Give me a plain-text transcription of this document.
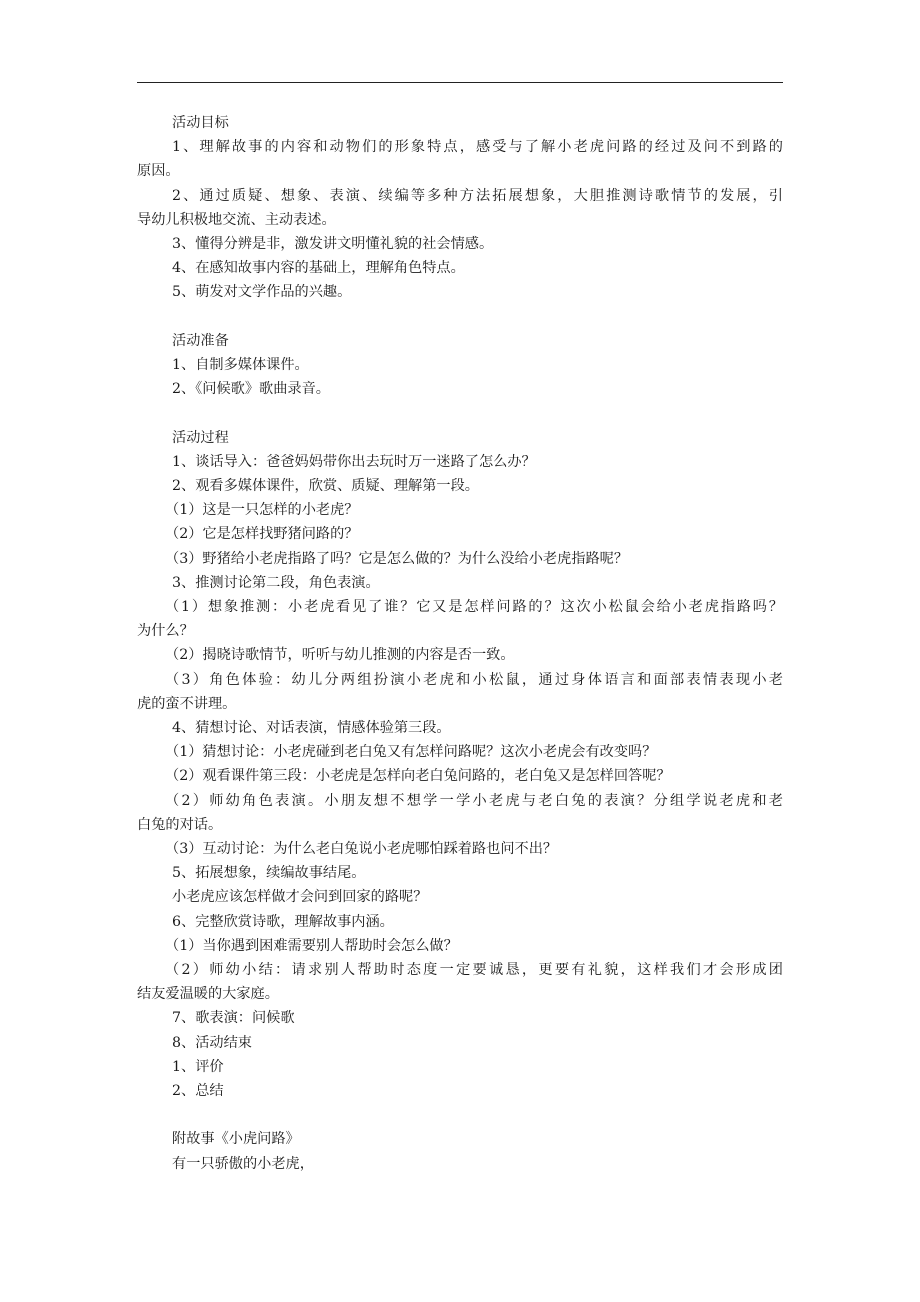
活动目标
1、理解故事的内容和动物们的形象特点，感受与了解小老虎问路的经过及问不到路的
原因。
2、通过质疑、想象、表演、续编等多种方法拓展想象，大胆推测诗歌情节的发展，引
导幼儿积极地交流、主动表述。
3、懂得分辨是非，激发讲文明懂礼貌的社会情感。
4、在感知故事内容的基础上，理解角色特点。
5、萌发对文学作品的兴趣。
活动准备
1、自制多媒体课件。
2、《问候歌》歌曲录音。
活动过程
1、谈话导入：爸爸妈妈带你出去玩时万一迷路了怎么办？
2、观看多媒体课件，欣赏、质疑、理解第一段。
（1）这是一只怎样的小老虎？
（2）它是怎样找野猪问路的？
（3）野猪给小老虎指路了吗？它是怎么做的？为什么没给小老虎指路呢？
3、推测讨论第二段，角色表演。
（1）想象推测：小老虎看见了谁？它又是怎样问路的？这次小松鼠会给小老虎指路吗？
为什么？
（2）揭晓诗歌情节，听听与幼儿推测的内容是否一致。
（3）角色体验：幼儿分两组扮演小老虎和小松鼠，通过身体语言和面部表情表现小老
虎的蛮不讲理。
4、猜想讨论、对话表演，情感体验第三段。
（1）猜想讨论：小老虎碰到老白兔又有怎样问路呢？这次小老虎会有改变吗？
（2）观看课件第三段：小老虎是怎样向老白兔问路的，老白兔又是怎样回答呢？
（2）师幼角色表演。小朋友想不想学一学小老虎与老白兔的表演？分组学说老虎和老
白兔的对话。
（3）互动讨论：为什么老白兔说小老虎哪怕踩着路也问不出？
5、拓展想象，续编故事结尾。
小老虎应该怎样做才会问到回家的路呢？
6、完整欣赏诗歌，理解故事内涵。
（1）当你遇到困难需要别人帮助时会怎么做？
（2）师幼小结：请求别人帮助时态度一定要诚恳，更要有礼貌，这样我们才会形成团
结友爱温暖的大家庭。
7、歌表演：问候歌
8、活动结束
1、评价
2、总结
附故事《小虎问路》
有一只骄傲的小老虎，
